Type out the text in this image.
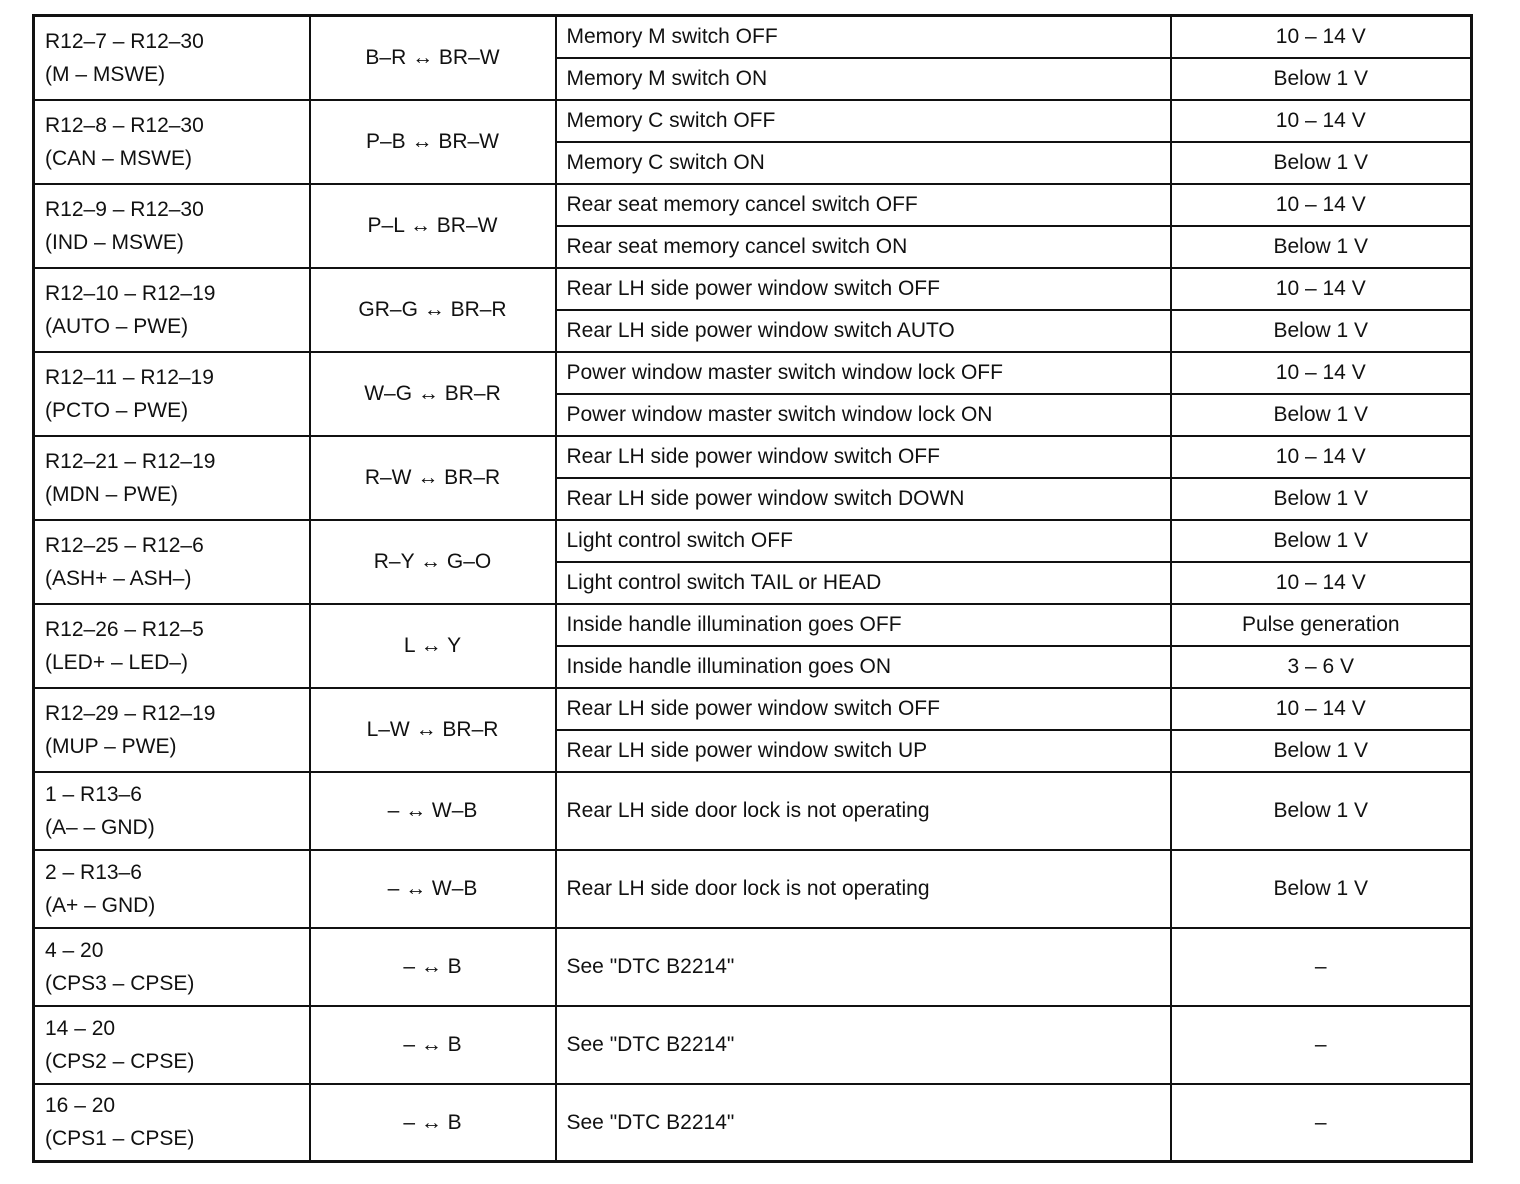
R12–7 – R12–30
(M – MSWE)	B–R ↔ BR–W	Memory M switch OFF	10 – 14 V
		Memory M switch ON	Below 1 V

R12–8 – R12–30
(CAN – MSWE)	P–B ↔ BR–W	Memory C switch OFF	10 – 14 V
		Memory C switch ON	Below 1 V

R12–9 – R12–30
(IND – MSWE)	P–L ↔ BR–W	Rear seat memory cancel switch OFF	10 – 14 V
		Rear seat memory cancel switch ON	Below 1 V

R12–10 – R12–19
(AUTO – PWE)	GR–G ↔ BR–R	Rear LH side power window switch OFF	10 – 14 V
		Rear LH side power window switch AUTO	Below 1 V

R12–11 – R12–19
(PCTO – PWE)	W–G ↔ BR–R	Power window master switch window lock OFF	10 – 14 V
		Power window master switch window lock ON	Below 1 V

R12–21 – R12–19
(MDN – PWE)	R–W ↔ BR–R	Rear LH side power window switch OFF	10 – 14 V
		Rear LH side power window switch DOWN	Below 1 V

R12–25 – R12–6
(ASH+ – ASH–)	R–Y ↔ G–O	Light control switch OFF	Below 1 V
		Light control switch TAIL or HEAD	10 – 14 V

R12–26 – R12–5
(LED+ – LED–)	L ↔ Y	Inside handle illumination goes OFF	Pulse generation
		Inside handle illumination goes ON	3 – 6 V

R12–29 – R12–19
(MUP – PWE)	L–W ↔ BR–R	Rear LH side power window switch OFF	10 – 14 V
		Rear LH side power window switch UP	Below 1 V

1 – R13–6
(A– – GND)	– ↔ W–B	Rear LH side door lock is not operating	Below 1 V

2 – R13–6
(A+ – GND)	– ↔ W–B	Rear LH side door lock is not operating	Below 1 V

4 – 20
(CPS3 – CPSE)	– ↔ B	See "DTC B2214"	–

14 – 20
(CPS2 – CPSE)	– ↔ B	See "DTC B2214"	–

16 – 20
(CPS1 – CPSE)	– ↔ B	See "DTC B2214"	–
